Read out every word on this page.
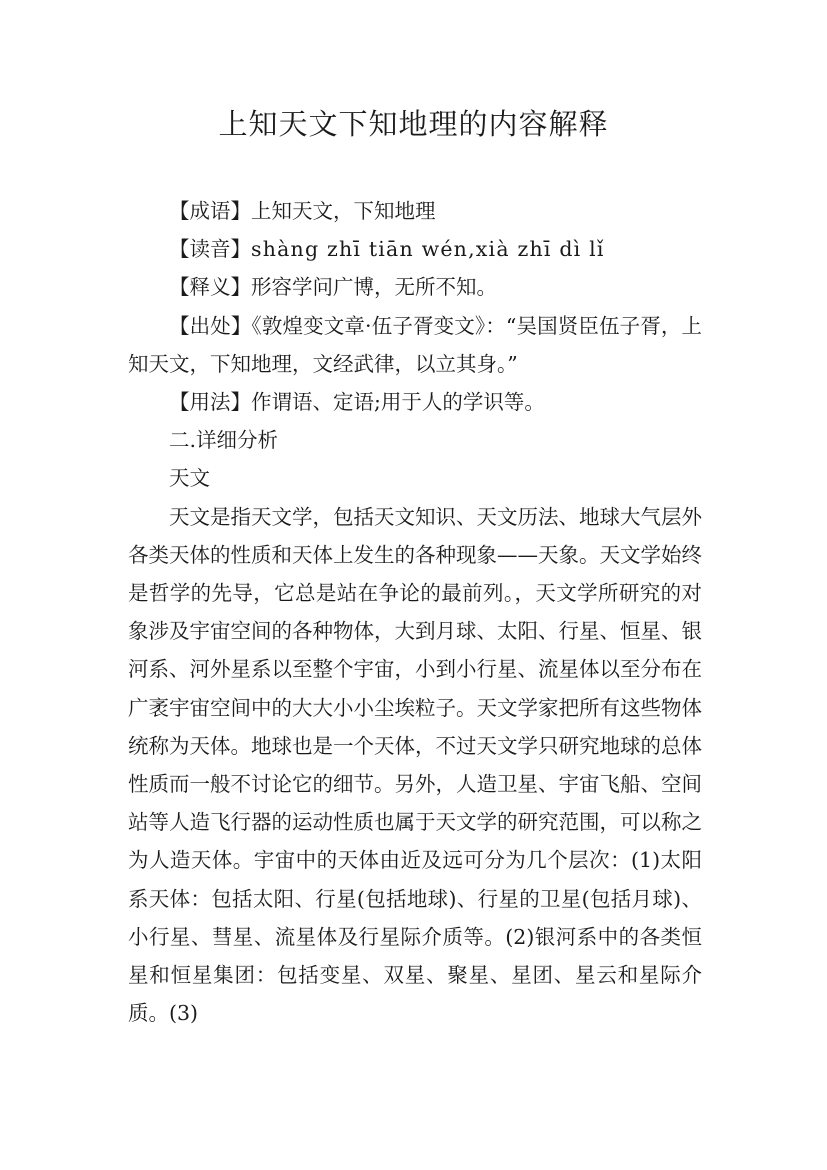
上知天文下知地理的内容解释

【成语】上知天文，下知地理

【读音】shàng zhī tiān wén,xià zhī dì lǐ

【释义】形容学问广博，无所不知。

【出处】《敦煌变文章·伍子胥变文》：“吴国贤臣伍子胥，上知天文，下知地理，文经武律，以立其身。”

【用法】作谓语、定语;用于人的学识等。

二.详细分析

天文

天文是指天文学，包括天文知识、天文历法、地球大气层外各类天体的性质和天体上发生的各种现象——天象。天文学始终是哲学的先导，它总是站在争论的最前列。，天文学所研究的对象涉及宇宙空间的各种物体，大到月球、太阳、行星、恒星、银河系、河外星系以至整个宇宙，小到小行星、流星体以至分布在广袤宇宙空间中的大大小小尘埃粒子。天文学家把所有这些物体统称为天体。地球也是一个天体，不过天文学只研究地球的总体性质而一般不讨论它的细节。另外，人造卫星、宇宙飞船、空间站等人造飞行器的运动性质也属于天文学的研究范围，可以称之为人造天体。宇宙中的天体由近及远可分为几个层次：(1)太阳系天体：包括太阳、行星(包括地球)、行星的卫星(包括月球)、小行星、彗星、流星体及行星际介质等。(2)银河系中的各类恒星和恒星集团：包括变星、双星、聚星、星团、星云和星际介质。(3)
